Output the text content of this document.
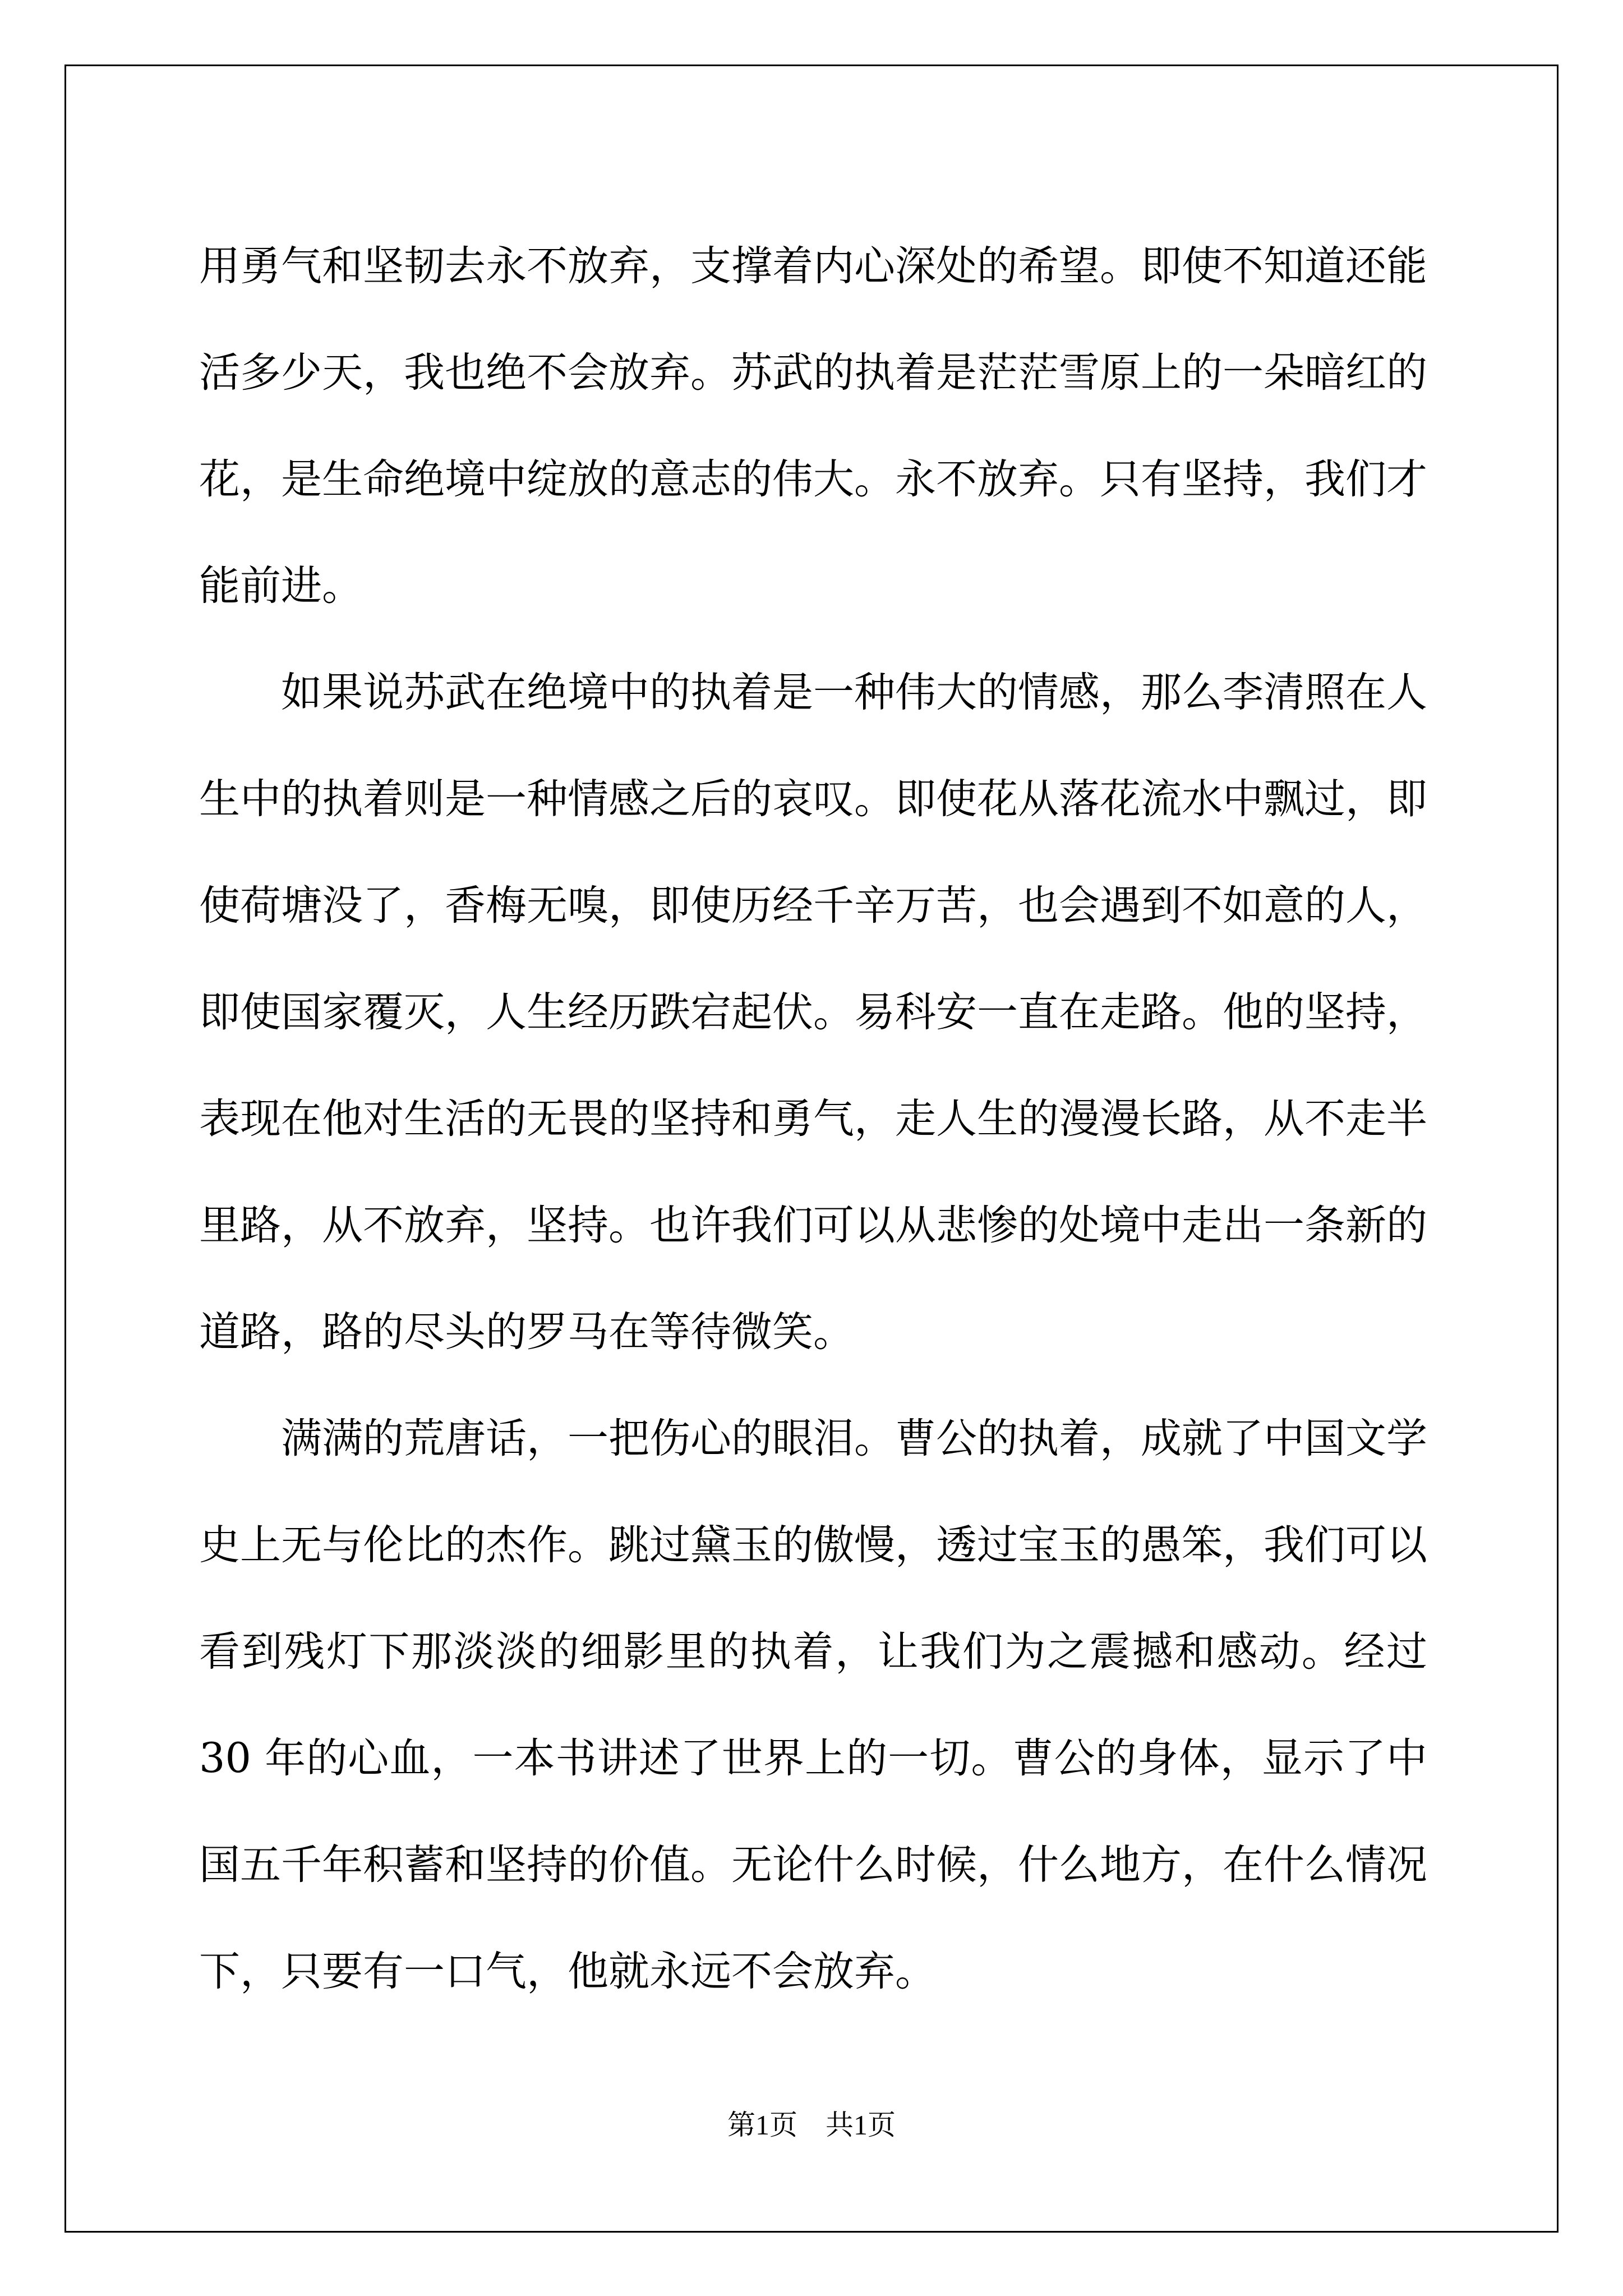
用勇气和坚韧去永不放弃，支撑着内心深处的希望。即使不知道还能活多少天，我也绝不会放弃。苏武的执着是茫茫雪原上的一朵暗红的花，是生命绝境中绽放的意志的伟大。永不放弃。只有坚持，我们才能前进。

如果说苏武在绝境中的执着是一种伟大的情感，那么李清照在人生中的执着则是一种情感之后的哀叹。即使花从落花流水中飘过，即使荷塘没了，香梅无嗅，即使历经千辛万苦，也会遇到不如意的人，即使国家覆灭，人生经历跌宕起伏。易科安一直在走路。他的坚持，表现在他对生活的无畏的坚持和勇气，走人生的漫漫长路，从不走半里路，从不放弃，坚持。也许我们可以从悲惨的处境中走出一条新的道路，路的尽头的罗马在等待微笑。

满满的荒唐话，一把伤心的眼泪。曹公的执着，成就了中国文学史上无与伦比的杰作。跳过黛玉的傲慢，透过宝玉的愚笨，我们可以看到残灯下那淡淡的细影里的执着，让我们为之震撼和感动。经过 30 年的心血，一本书讲述了世界上的一切。曹公的身体，显示了中国五千年积蓄和坚持的价值。无论什么时候，什么地方，在什么情况下，只要有一口气，他就永远不会放弃。

第1页 共1页
